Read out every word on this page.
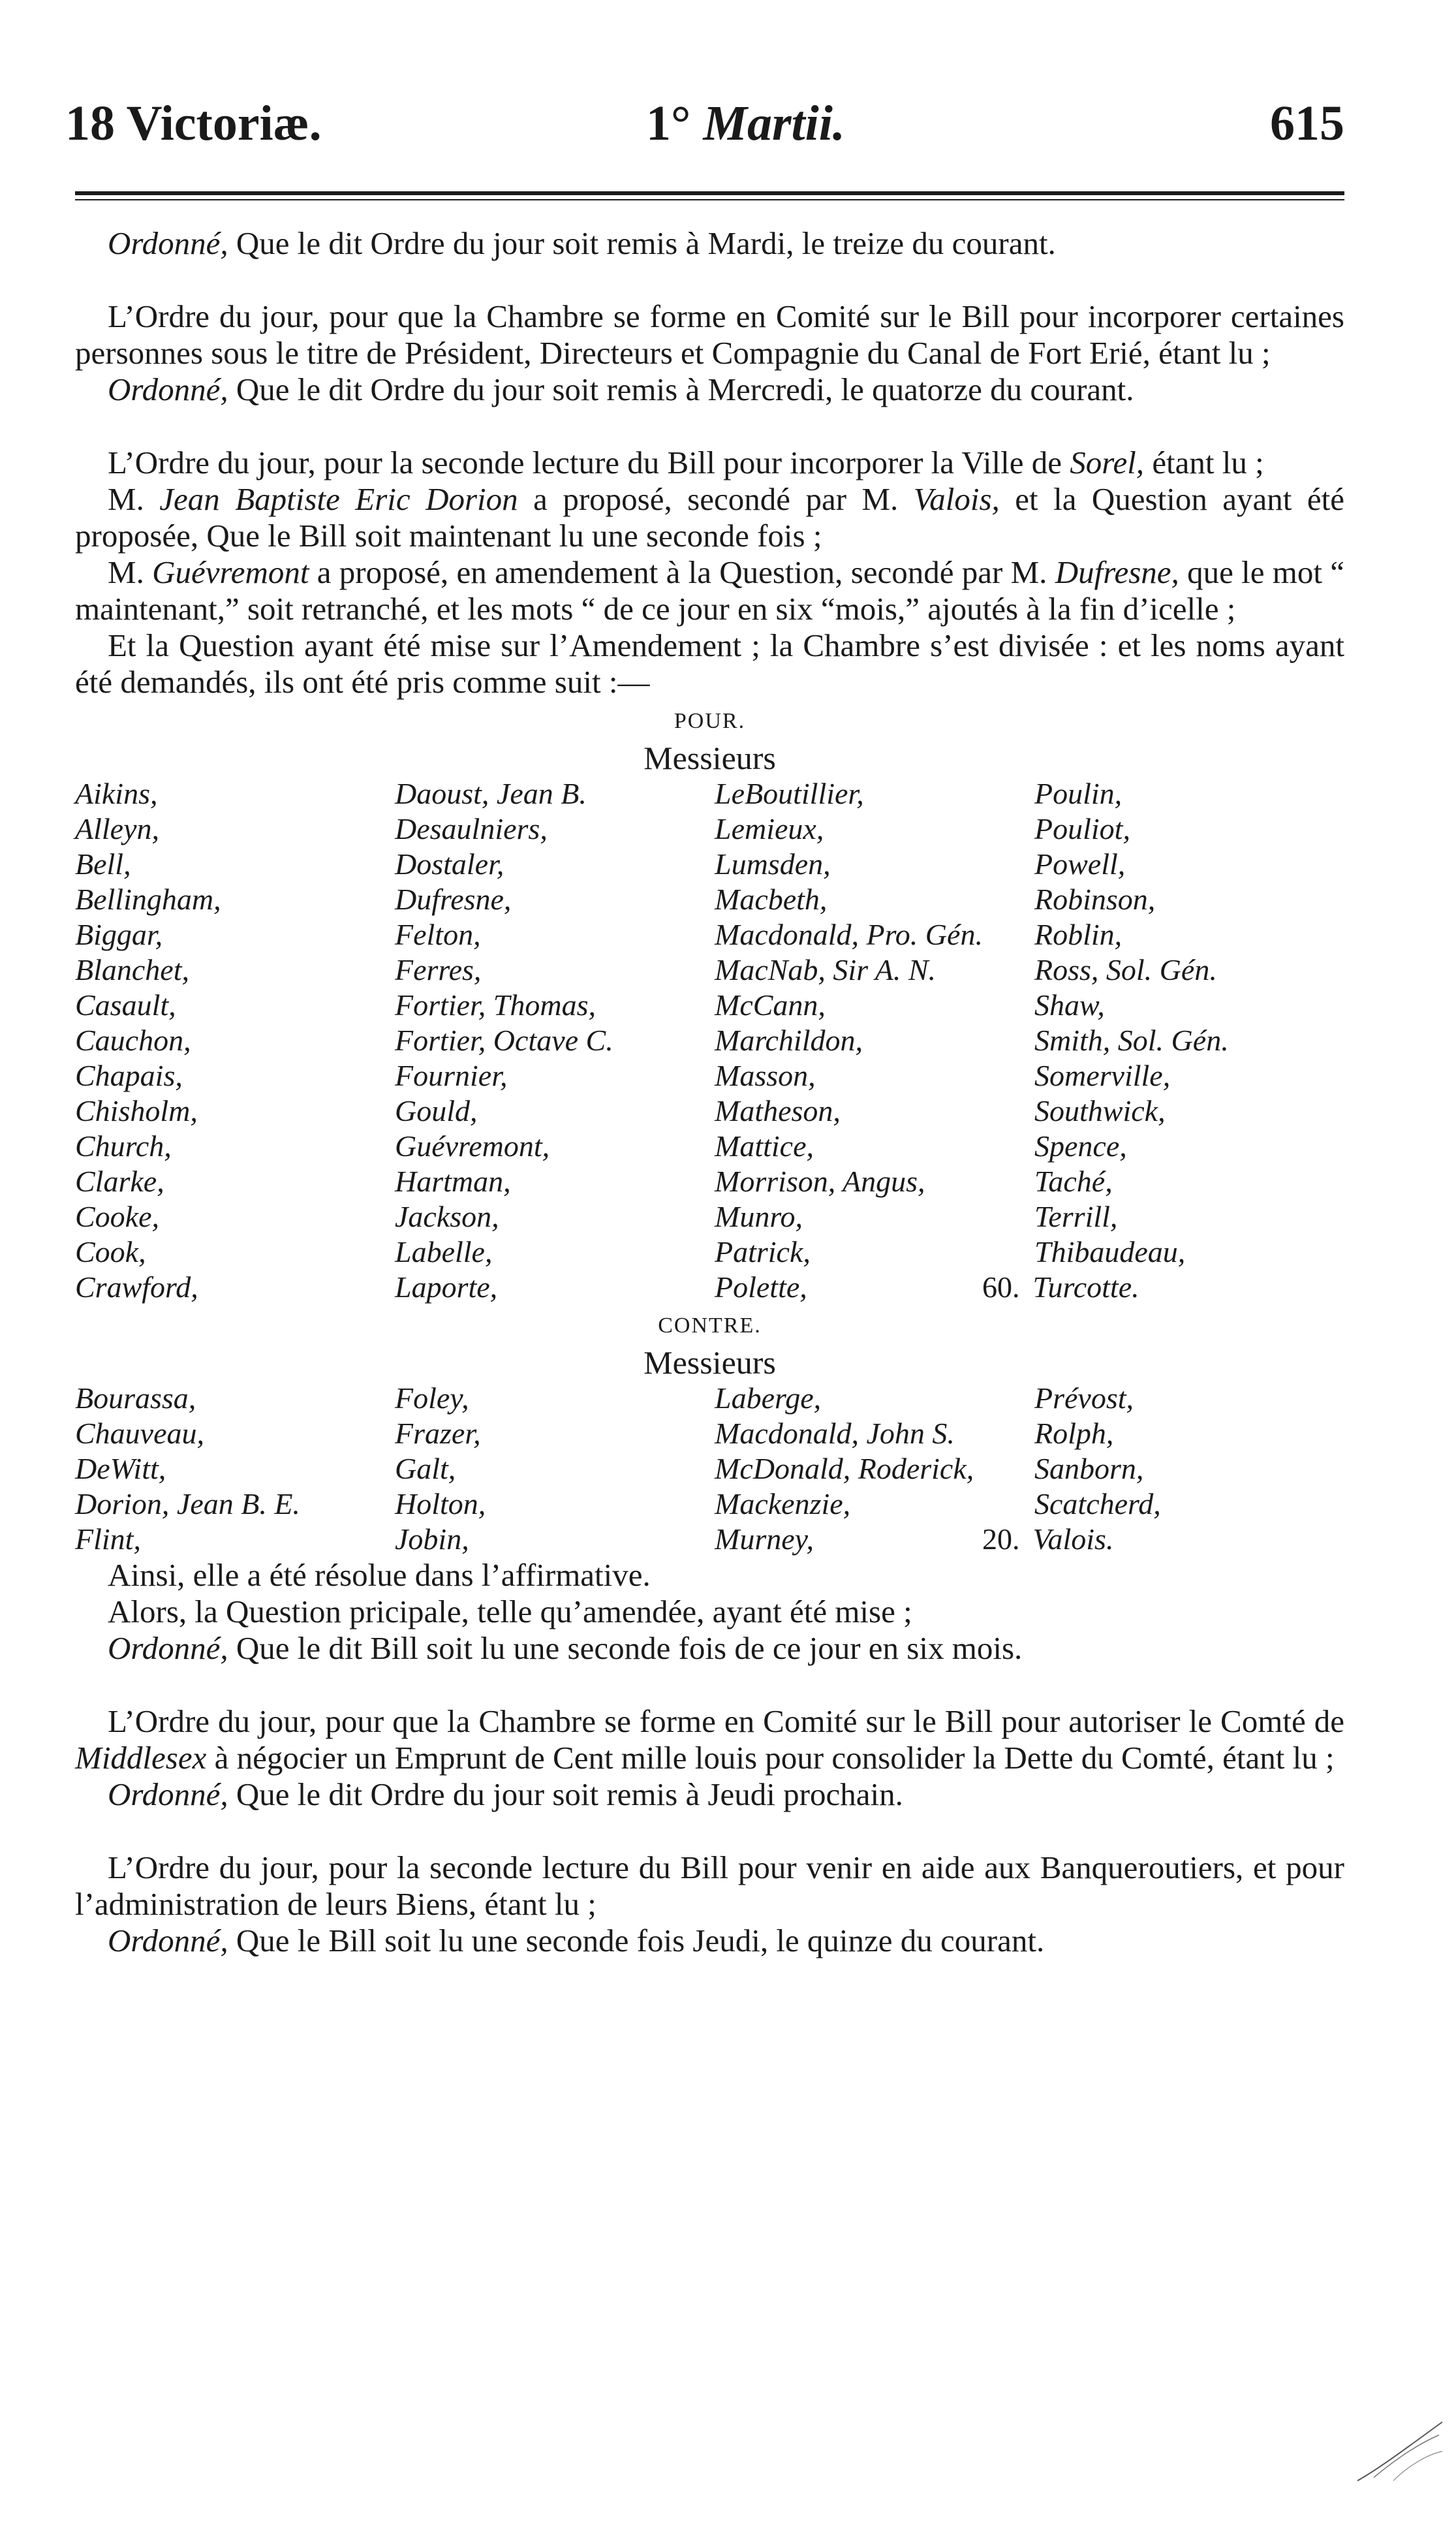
18 Victoriæ.	1° Martii.	615

Ordonné, Que le dit Ordre du jour soit remis à Mardi, le treize du courant.

L’Ordre du jour, pour que la Chambre se forme en Comité sur le Bill pour incorporer certaines personnes sous le titre de Président, Directeurs et Compagnie du Canal de Fort Erié, étant lu ;

Ordonné, Que le dit Ordre du jour soit remis à Mercredi, le quatorze du courant.

L’Ordre du jour, pour la seconde lecture du Bill pour incorporer la Ville de Sorel, étant lu ;

M. Jean Baptiste Eric Dorion a proposé, secondé par M. Valois, et la Question ayant été proposée, Que le Bill soit maintenant lu une seconde fois ;

M. Guévremont a proposé, en amendement à la Question, secondé par M. Dufresne, que le mot “ maintenant,” soit retranché, et les mots “ de ce jour en six “mois,” ajoutés à la fin d’icelle ;

Et la Question ayant été mise sur l’Amendement ; la Chambre s’est divisée : et les noms ayant été demandés, ils ont été pris comme suit :—

POUR.
Messieurs
Aikins,	Daoust, Jean B.	LeBoutillier,	Poulin,
Alleyn,	Desaulniers,	Lemieux,	Pouliot,
Bell,	Dostaler,	Lumsden,	Powell,
Bellingham,	Dufresne,	Macbeth,	Robinson,
Biggar,	Felton,	Macdonald, Pro. Gén.	Roblin,
Blanchet,	Ferres,	MacNab, Sir A. N.	Ross, Sol. Gén.
Casault,	Fortier, Thomas,	McCann,	Shaw,
Cauchon,	Fortier, Octave C.	Marchildon,	Smith, Sol. Gén.
Chapais,	Fournier,	Masson,	Somerville,
Chisholm,	Gould,	Matheson,	Southwick,
Church,	Guévremont,	Mattice,	Spence,
Clarke,	Hartman,	Morrison, Angus,	Taché,
Cooke,	Jackson,	Munro,	Terrill,
Cook,	Labelle,	Patrick,	Thibaudeau,
Crawford,	Laporte,	Polette,	60. Turcotte.
CONTRE.
Messieurs
Bourassa,	Foley,	Laberge,	Prévost,
Chauveau,	Frazer,	Macdonald, John S.	Rolph,
DeWitt,	Galt,	McDonald, Roderick,	Sanborn,
Dorion, Jean B. E.	Holton,	Mackenzie,	Scatcherd,
Flint,	Jobin,	Murney,	20. Valois.

Ainsi, elle a été résolue dans l’affirmative.

Alors, la Question pricipale, telle qu’amendée, ayant été mise ;

Ordonné, Que le dit Bill soit lu une seconde fois de ce jour en six mois.

L’Ordre du jour, pour que la Chambre se forme en Comité sur le Bill pour autoriser le Comté de Middlesex à négocier un Emprunt de Cent mille louis pour consolider la Dette du Comté, étant lu ;

Ordonné, Que le dit Ordre du jour soit remis à Jeudi prochain.

L’Ordre du jour, pour la seconde lecture du Bill pour venir en aide aux Banqueroutiers, et pour l’administration de leurs Biens, étant lu ;

Ordonné, Que le Bill soit lu une seconde fois Jeudi, le quinze du courant.
